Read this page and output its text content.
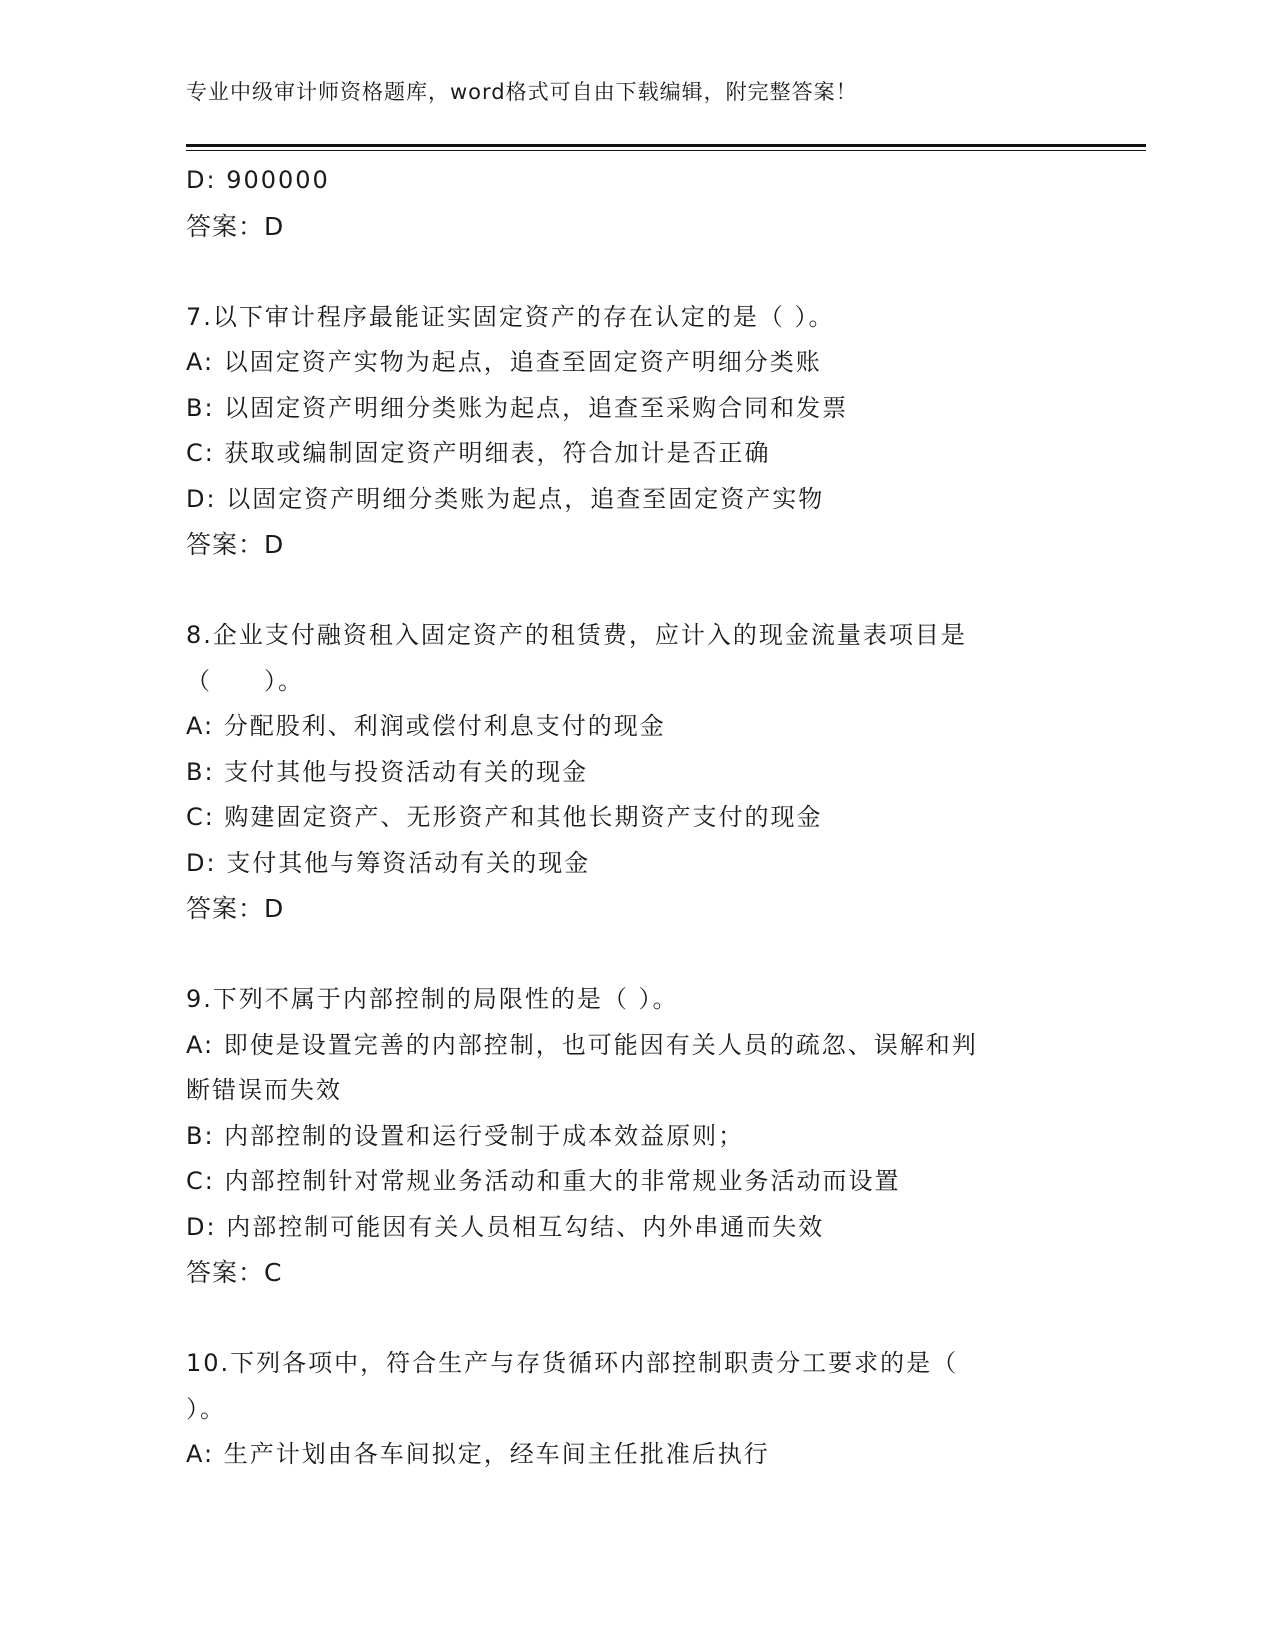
专业中级审计师资格题库，word格式可自由下载编辑，附完整答案！
D: 900000
答案：D
7.以下审计程序最能证实固定资产的存在认定的是（ ）。
A: 以固定资产实物为起点，追查至固定资产明细分类账
B: 以固定资产明细分类账为起点，追查至采购合同和发票
C: 获取或编制固定资产明细表，符合加计是否正确
D: 以固定资产明细分类账为起点，追查至固定资产实物
答案：D
8.企业支付融资租入固定资产的租赁费，应计入的现金流量表项目是
（　　）。
A: 分配股利、利润或偿付利息支付的现金
B: 支付其他与投资活动有关的现金
C: 购建固定资产、无形资产和其他长期资产支付的现金
D: 支付其他与筹资活动有关的现金
答案：D
9.下列不属于内部控制的局限性的是（ ）。
A: 即使是设置完善的内部控制，也可能因有关人员的疏忽、误解和判
断错误而失效
B: 内部控制的设置和运行受制于成本效益原则；
C: 内部控制针对常规业务活动和重大的非常规业务活动而设置
D: 内部控制可能因有关人员相互勾结、内外串通而失效
答案：C
10.下列各项中，符合生产与存货循环内部控制职责分工要求的是（
）。
A: 生产计划由各车间拟定，经车间主任批准后执行
